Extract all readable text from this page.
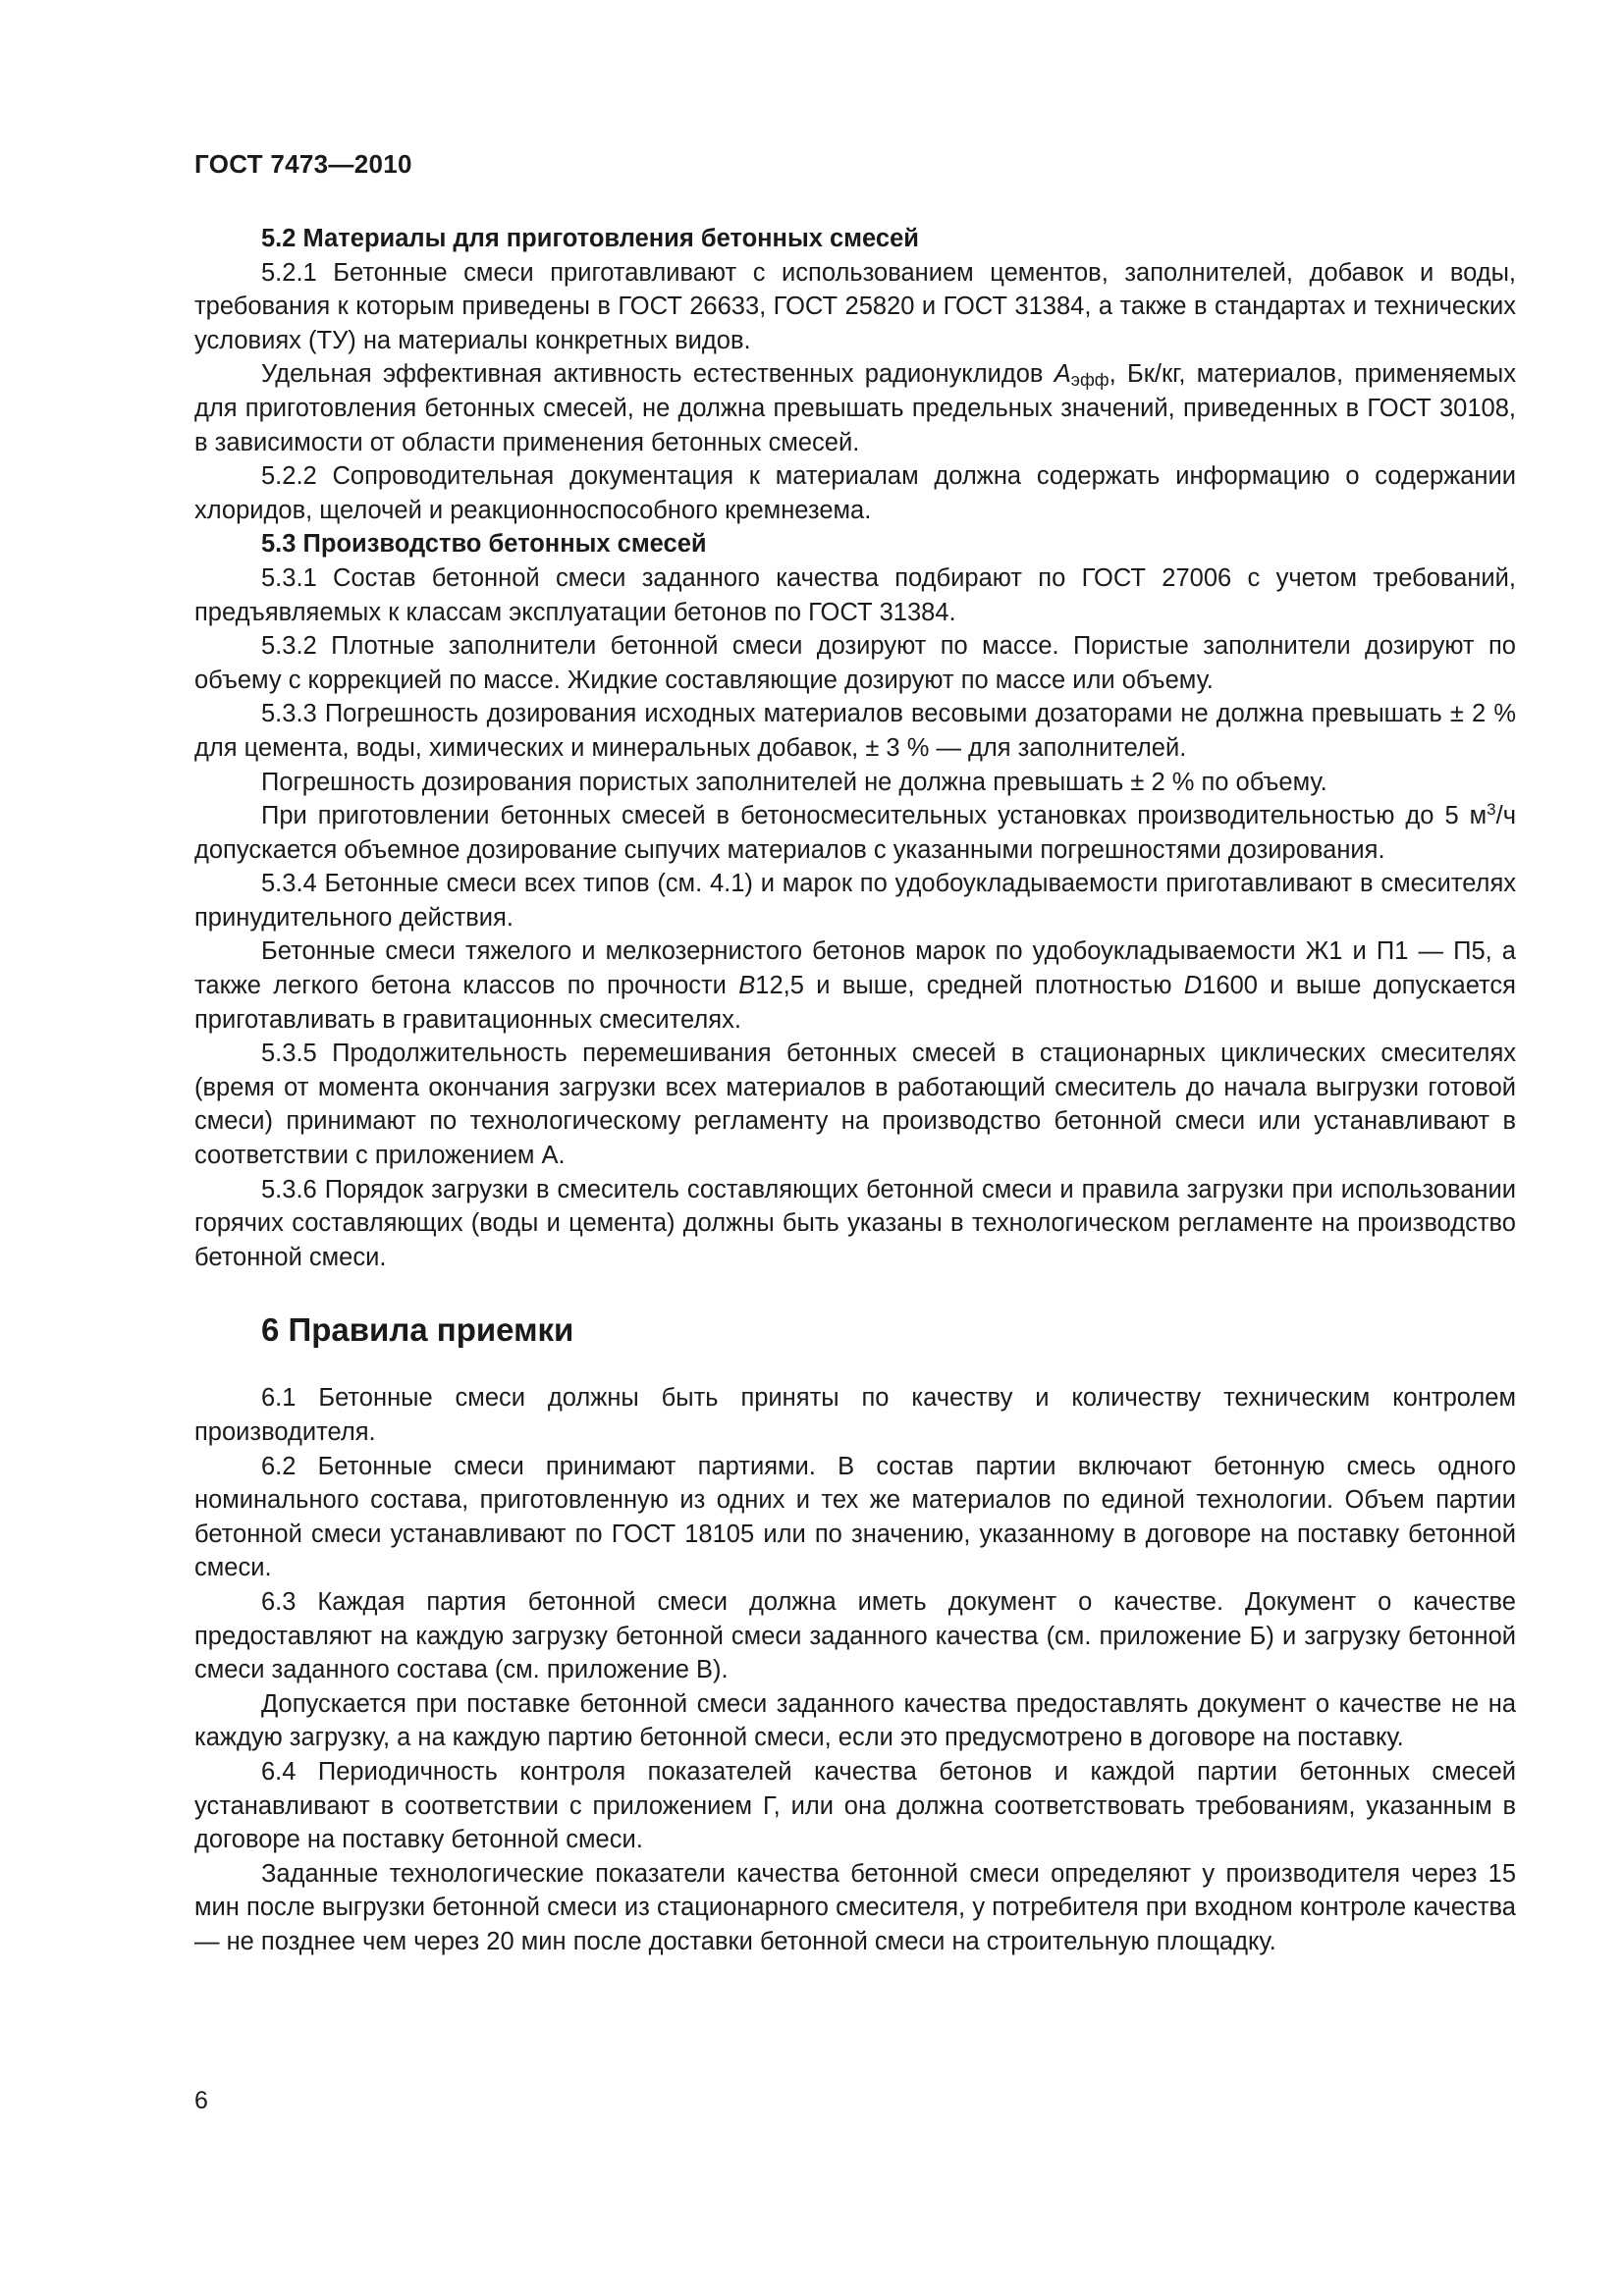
ГОСТ 7473—2010
5.2 Материалы для приготовления бетонных смесей

5.2.1 Бетонные смеси приготавливают с использованием цементов, заполнителей, добавок и воды, требования к которым приведены в ГОСТ 26633, ГОСТ 25820 и ГОСТ 31384, а также в стандартах и технических условиях (ТУ) на материалы конкретных видов.

Удельная эффективная активность естественных радионуклидов $A_{эфф}$, Бк/кг, материалов, применяемых для приготовления бетонных смесей, не должна превышать предельных значений, приведенных в ГОСТ 30108, в зависимости от области применения бетонных смесей.

5.2.2 Сопроводительная документация к материалам должна содержать информацию о содержании хлоридов, щелочей и реакционноспособного кремнезема.

5.3 Производство бетонных смесей

5.3.1 Состав бетонной смеси заданного качества подбирают по ГОСТ 27006 с учетом требований, предъявляемых к классам эксплуатации бетонов по ГОСТ 31384.

5.3.2 Плотные заполнители бетонной смеси дозируют по массе. Пористые заполнители дозируют по объему с коррекцией по массе. Жидкие составляющие дозируют по массе или объему.

5.3.3 Погрешность дозирования исходных материалов весовыми дозаторами не должна превышать ± 2 % для цемента, воды, химических и минеральных добавок, ± 3 % — для заполнителей.

Погрешность дозирования пористых заполнителей не должна превышать ± 2 % по объему.

При приготовлении бетонных смесей в бетоносмесительных установках производительностью до 5 $м^3/ч$ допускается объемное дозирование сыпучих материалов с указанными погрешностями дозирования.

5.3.4 Бетонные смеси всех типов (см. 4.1) и марок по удобоукладываемости приготавливают в смесителях принудительного действия.

Бетонные смеси тяжелого и мелкозернистого бетонов марок по удобоукладываемости Ж1 и П1 — П5, а также легкого бетона классов по прочности B12,5 и выше, средней плотностью D1600 и выше допускается приготавливать в гравитационных смесителях.

5.3.5 Продолжительность перемешивания бетонных смесей в стационарных циклических смесителях (время от момента окончания загрузки всех материалов в работающий смеситель до начала выгрузки готовой смеси) принимают по технологическому регламенту на производство бетонной смеси или устанавливают в соответствии с приложением А.

5.3.6 Порядок загрузки в смеситель составляющих бетонной смеси и правила загрузки при использовании горячих составляющих (воды и цемента) должны быть указаны в технологическом регламенте на производство бетонной смеси.

6 Правила приемки

6.1 Бетонные смеси должны быть приняты по качеству и количеству техническим контролем производителя.

6.2 Бетонные смеси принимают партиями. В состав партии включают бетонную смесь одного номинального состава, приготовленную из одних и тех же материалов по единой технологии. Объем партии бетонной смеси устанавливают по ГОСТ 18105 или по значению, указанному в договоре на поставку бетонной смеси.

6.3 Каждая партия бетонной смеси должна иметь документ о качестве. Документ о качестве предоставляют на каждую загрузку бетонной смеси заданного качества (см. приложение Б) и загрузку бетонной смеси заданного состава (см. приложение В).

Допускается при поставке бетонной смеси заданного качества предоставлять документ о качестве не на каждую загрузку, а на каждую партию бетонной смеси, если это предусмотрено в договоре на поставку.

6.4 Периодичность контроля показателей качества бетонов и каждой партии бетонных смесей устанавливают в соответствии с приложением Г, или она должна соответствовать требованиям, указанным в договоре на поставку бетонной смеси.

Заданные технологические показатели качества бетонной смеси определяют у производителя через 15 мин после выгрузки бетонной смеси из стационарного смесителя, у потребителя при входном контроле качества — не позднее чем через 20 мин после доставки бетонной смеси на строительную площадку.

6
